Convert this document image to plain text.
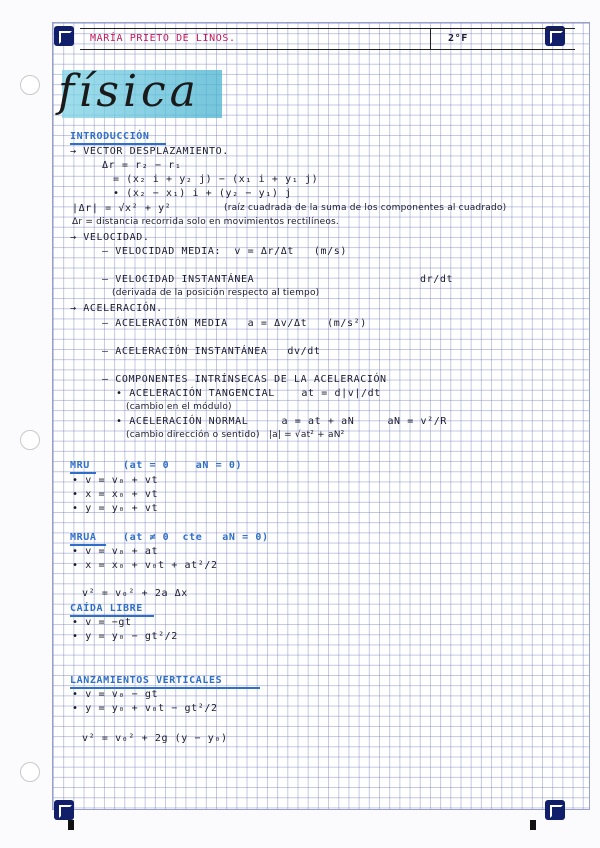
MARÍA PRIETO DE LINOS.	2°F
física
INTRODUCCIÓN
→ VECTOR DESPLAZAMIENTO.
Δr = r₂ − r₁
= (x₂ i + y₂ j) − (x₁ i + y₁ j)
• (x₂ − x₁) i + (y₂ − y₁) j
|Δr| = √x² + y²	(raíz cuadrada de la suma de los componentes al cuadrado)
Δr = distancia recorrida solo en movimientos rectilíneos.
→ VELOCIDAD.
– VELOCIDAD MEDIA:  v = Δr/Δt   (m/s)
– VELOCIDAD INSTANTÁNEA	dr/dt
(derivada de la posición respecto al tiempo)
→ ACELERACIÓN.
– ACELERACIÓN MEDIA   a = Δv/Δt   (m/s²)
– ACELERACIÓN INSTANTÁNEA   dv/dt
– COMPONENTES INTRÍNSECAS DE LA ACELERACIÓN
• ACELERACIÓN TANGENCIAL    at = d|v|/dt
(cambio en el módulo)
• ACELERACIÓN NORMAL     a = at + aN     aN = v²/R
(cambio dirección o sentido)   |a| = √at² + aN²
MRU     (at = 0    aN = 0)
• v = v₀ + vt
• x = x₀ + vt
• y = y₀ + vt
MRUA    (at ≠ 0  cte   aN = 0)
• v = v₀ + at
• x = x₀ + v₀t + at²/2
v² = v₀² + 2a Δx
CAÍDA LIBRE
• v = −gt
• y = y₀ − gt²/2
LANZAMIENTOS VERTICALES
• v = v₀ − gt
• y = y₀ + v₀t − gt²/2
v² = v₀² + 2g (y − y₀)
